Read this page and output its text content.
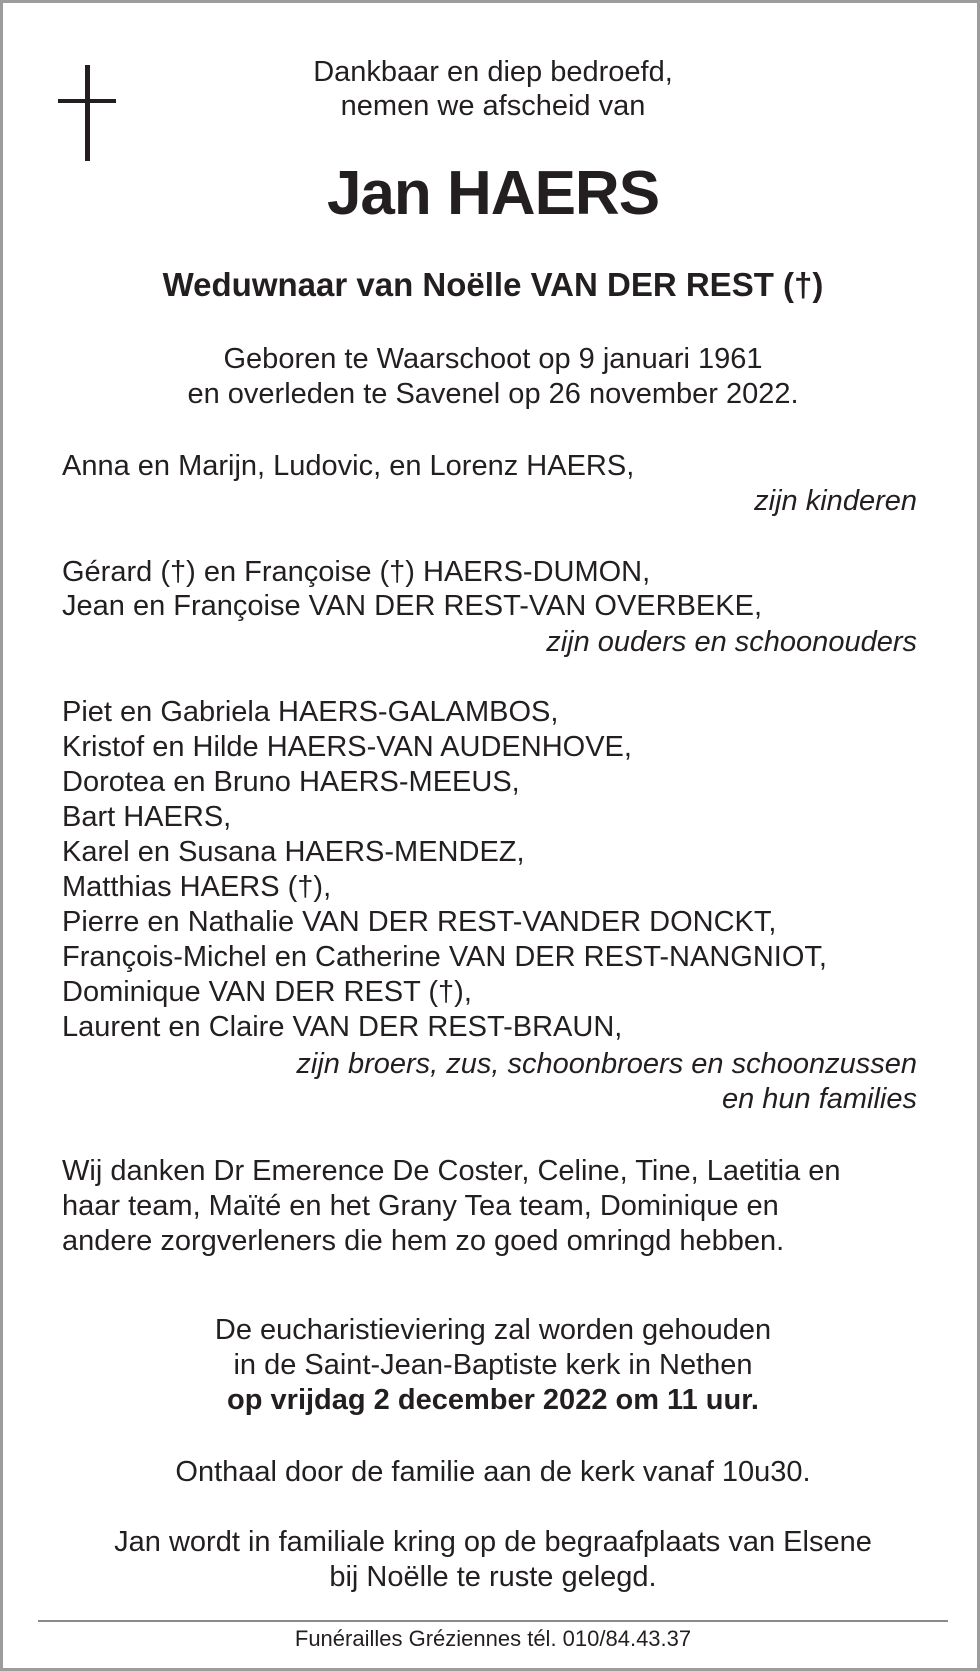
Dankbaar en diep bedroefd,
nemen we afscheid van
Jan HAERS
Weduwnaar van Noëlle VAN DER REST (†)
Geboren te Waarschoot op 9 januari 1961
en overleden te Savenel op 26 november 2022.
Anna en Marijn, Ludovic, en Lorenz HAERS,
zijn kinderen
Gérard (†) en Françoise (†) HAERS-DUMON,
Jean en Françoise VAN DER REST-VAN OVERBEKE,
zijn ouders en schoonouders
Piet en Gabriela HAERS-GALAMBOS,
Kristof en Hilde HAERS-VAN AUDENHOVE,
Dorotea en Bruno HAERS-MEEUS,
Bart HAERS,
Karel en Susana HAERS-MENDEZ,
Matthias HAERS (†),
Pierre en Nathalie VAN DER REST-VANDER DONCKT,
François-Michel en Catherine VAN DER REST-NANGNIOT,
Dominique VAN DER REST (†),
Laurent en Claire VAN DER REST-BRAUN,
zijn broers, zus, schoonbroers en schoonzussen
en hun families
Wij danken Dr Emerence De Coster, Celine, Tine, Laetitia en
haar team, Maïté en het Grany Tea team, Dominique en
andere zorgverleners die hem zo goed omringd hebben.
De eucharistieviering zal worden gehouden
in de Saint-Jean-Baptiste kerk in Nethen
op vrijdag 2 december 2022 om 11 uur.
Onthaal door de familie aan de kerk vanaf 10u30.
Jan wordt in familiale kring op de begraafplaats van Elsene
bij Noëlle te ruste gelegd.
Funérailles Gréziennes tél. 010/84.43.37
